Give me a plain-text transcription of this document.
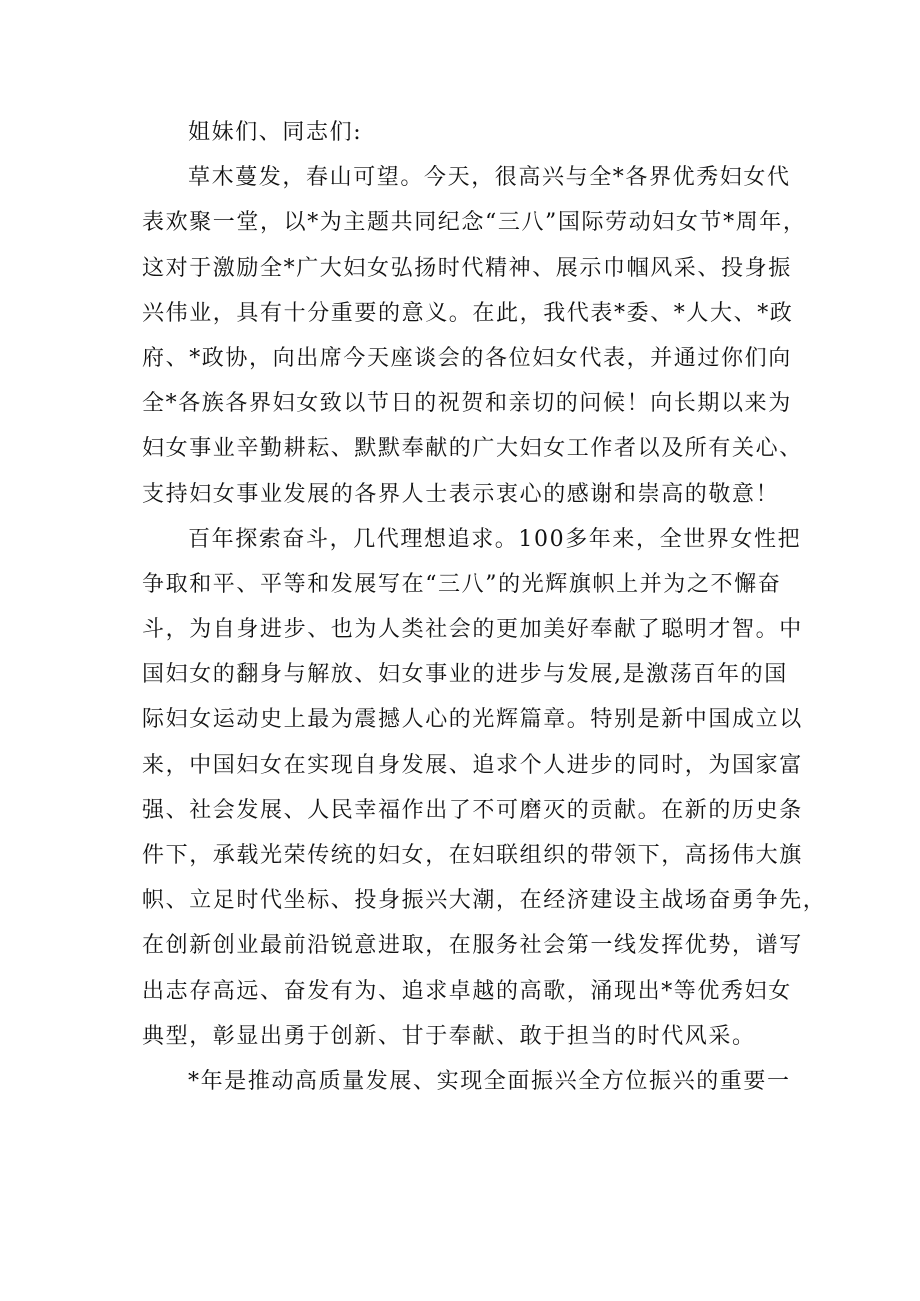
姐妹们、同志们:
草木蔓发，春山可望。今天，很高兴与全*各界优秀妇女代
表欢聚一堂，以*为主题共同纪念“三八”国际劳动妇女节*周年，
这对于激励全*广大妇女弘扬时代精神、展示巾帼风采、投身振
兴伟业，具有十分重要的意义。在此，我代表*委、*人大、*政
府、*政协，向出席今天座谈会的各位妇女代表，并通过你们向
全*各族各界妇女致以节日的祝贺和亲切的问候！向长期以来为
妇女事业辛勤耕耘、默默奉献的广大妇女工作者以及所有关心、
支持妇女事业发展的各界人士表示衷心的感谢和崇高的敬意！
百年探索奋斗，几代理想追求。100多年来，全世界女性把
争取和平、平等和发展写在“三八”的光辉旗帜上并为之不懈奋
斗，为自身进步、也为人类社会的更加美好奉献了聪明才智。中
国妇女的翻身与解放、妇女事业的进步与发展,是激荡百年的国
际妇女运动史上最为震撼人心的光辉篇章。特别是新中国成立以
来，中国妇女在实现自身发展、追求个人进步的同时，为国家富
强、社会发展、人民幸福作出了不可磨灭的贡献。在新的历史条
件下，承载光荣传统的妇女，在妇联组织的带领下，高扬伟大旗
帜、立足时代坐标、投身振兴大潮，在经济建设主战场奋勇争先，
在创新创业最前沿锐意进取，在服务社会第一线发挥优势，谱写
出志存高远、奋发有为、追求卓越的高歌，涌现出*等优秀妇女
典型，彰显出勇于创新、甘于奉献、敢于担当的时代风采。
*年是推动高质量发展、实现全面振兴全方位振兴的重要一
